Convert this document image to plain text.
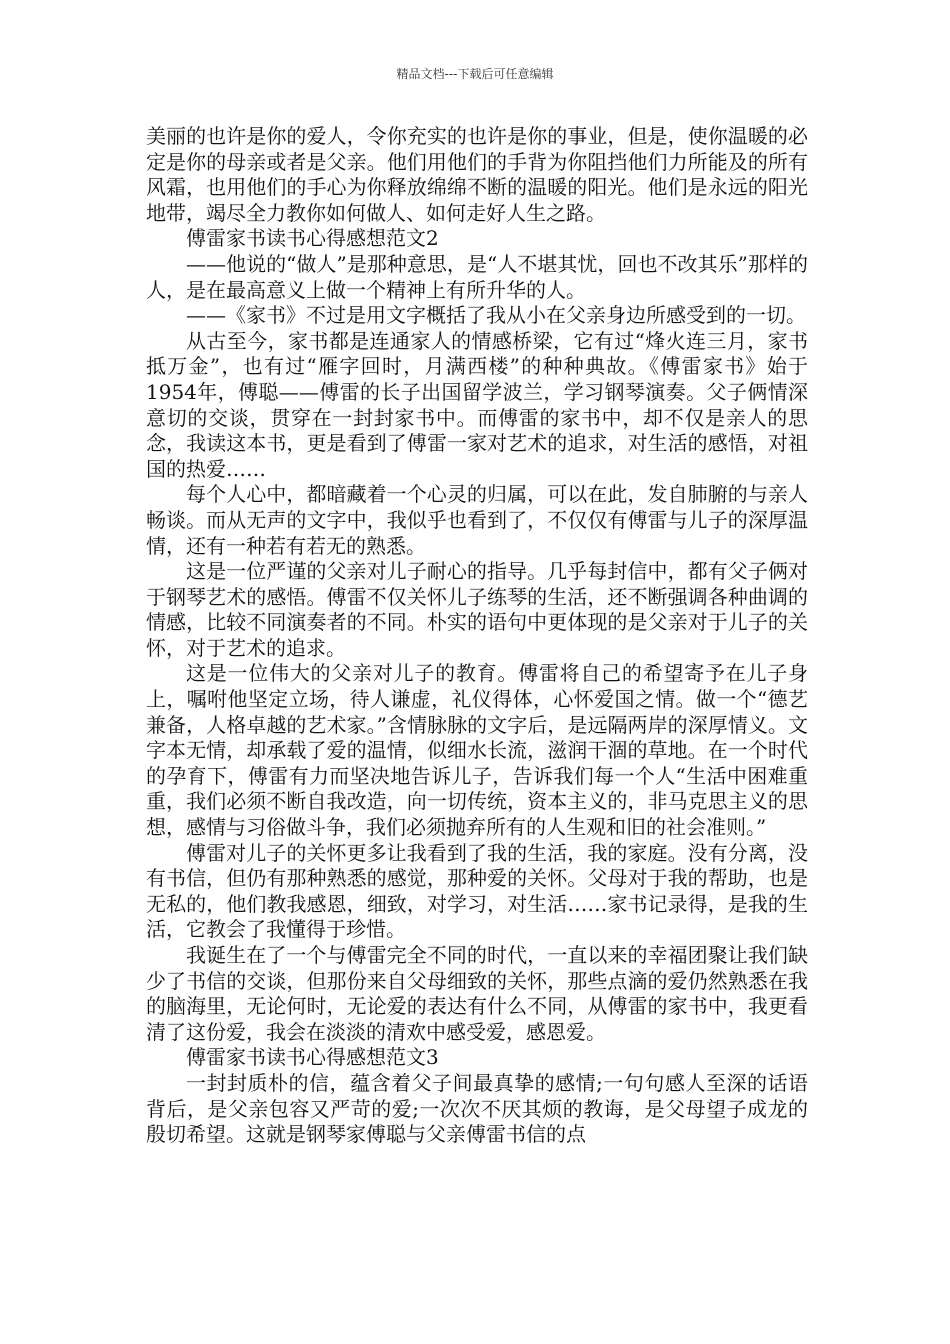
精品文档---下载后可任意编辑

美丽的也许是你的爱人，令你充实的也许是你的事业，但是，使你温暖的必定是你的母亲或者是父亲。他们用他们的手背为你阻挡他们力所能及的所有风霜，也用他们的手心为你释放绵绵不断的温暖的阳光。他们是永远的阳光地带，竭尽全力教你如何做人、如何走好人生之路。

傅雷家书读书心得感想范文2

——他说的“做人”是那种意思，是“人不堪其忧，回也不改其乐”那样的人，是在最高意义上做一个精神上有所升华的人。

——《家书》不过是用文字概括了我从小在父亲身边所感受到的一切。

从古至今，家书都是连通家人的情感桥梁，它有过“烽火连三月，家书抵万金”，也有过“雁字回时，月满西楼”的种种典故。《傅雷家书》始于1954年，傅聪——傅雷的长子出国留学波兰，学习钢琴演奏。父子俩情深意切的交谈，贯穿在一封封家书中。而傅雷的家书中，却不仅是亲人的思念，我读这本书，更是看到了傅雷一家对艺术的追求，对生活的感悟，对祖国的热爱……

每个人心中，都暗藏着一个心灵的归属，可以在此，发自肺腑的与亲人畅谈。而从无声的文字中，我似乎也看到了，不仅仅有傅雷与儿子的深厚温情，还有一种若有若无的熟悉。

这是一位严谨的父亲对儿子耐心的指导。几乎每封信中，都有父子俩对于钢琴艺术的感悟。傅雷不仅关怀儿子练琴的生活，还不断强调各种曲调的情感，比较不同演奏者的不同。朴实的语句中更体现的是父亲对于儿子的关怀，对于艺术的追求。

这是一位伟大的父亲对儿子的教育。傅雷将自己的希望寄予在儿子身上，嘱咐他坚定立场，待人谦虚，礼仪得体，心怀爱国之情。做一个“德艺兼备，人格卓越的艺术家。”含情脉脉的文字后，是远隔两岸的深厚情义。文字本无情，却承载了爱的温情，似细水长流，滋润干涸的草地。在一个时代的孕育下，傅雷有力而坚决地告诉儿子，告诉我们每一个人“生活中困难重重，我们必须不断自我改造，向一切传统，资本主义的，非马克思主义的思想，感情与习俗做斗争，我们必须抛弃所有的人生观和旧的社会准则。”

傅雷对儿子的关怀更多让我看到了我的生活，我的家庭。没有分离，没有书信，但仍有那种熟悉的感觉，那种爱的关怀。父母对于我的帮助，也是无私的，他们教我感恩，细致，对学习，对生活……家书记录得，是我的生活，它教会了我懂得于珍惜。

我诞生在了一个与傅雷完全不同的时代，一直以来的幸福团聚让我们缺少了书信的交谈，但那份来自父母细致的关怀，那些点滴的爱仍然熟悉在我的脑海里，无论何时，无论爱的表达有什么不同，从傅雷的家书中，我更看清了这份爱，我会在淡淡的清欢中感受爱，感恩爱。

傅雷家书读书心得感想范文3

一封封质朴的信，蕴含着父子间最真挚的感情;一句句感人至深的话语背后，是父亲包容又严苛的爱;一次次不厌其烦的教诲，是父母望子成龙的殷切希望。这就是钢琴家傅聪与父亲傅雷书信的点
